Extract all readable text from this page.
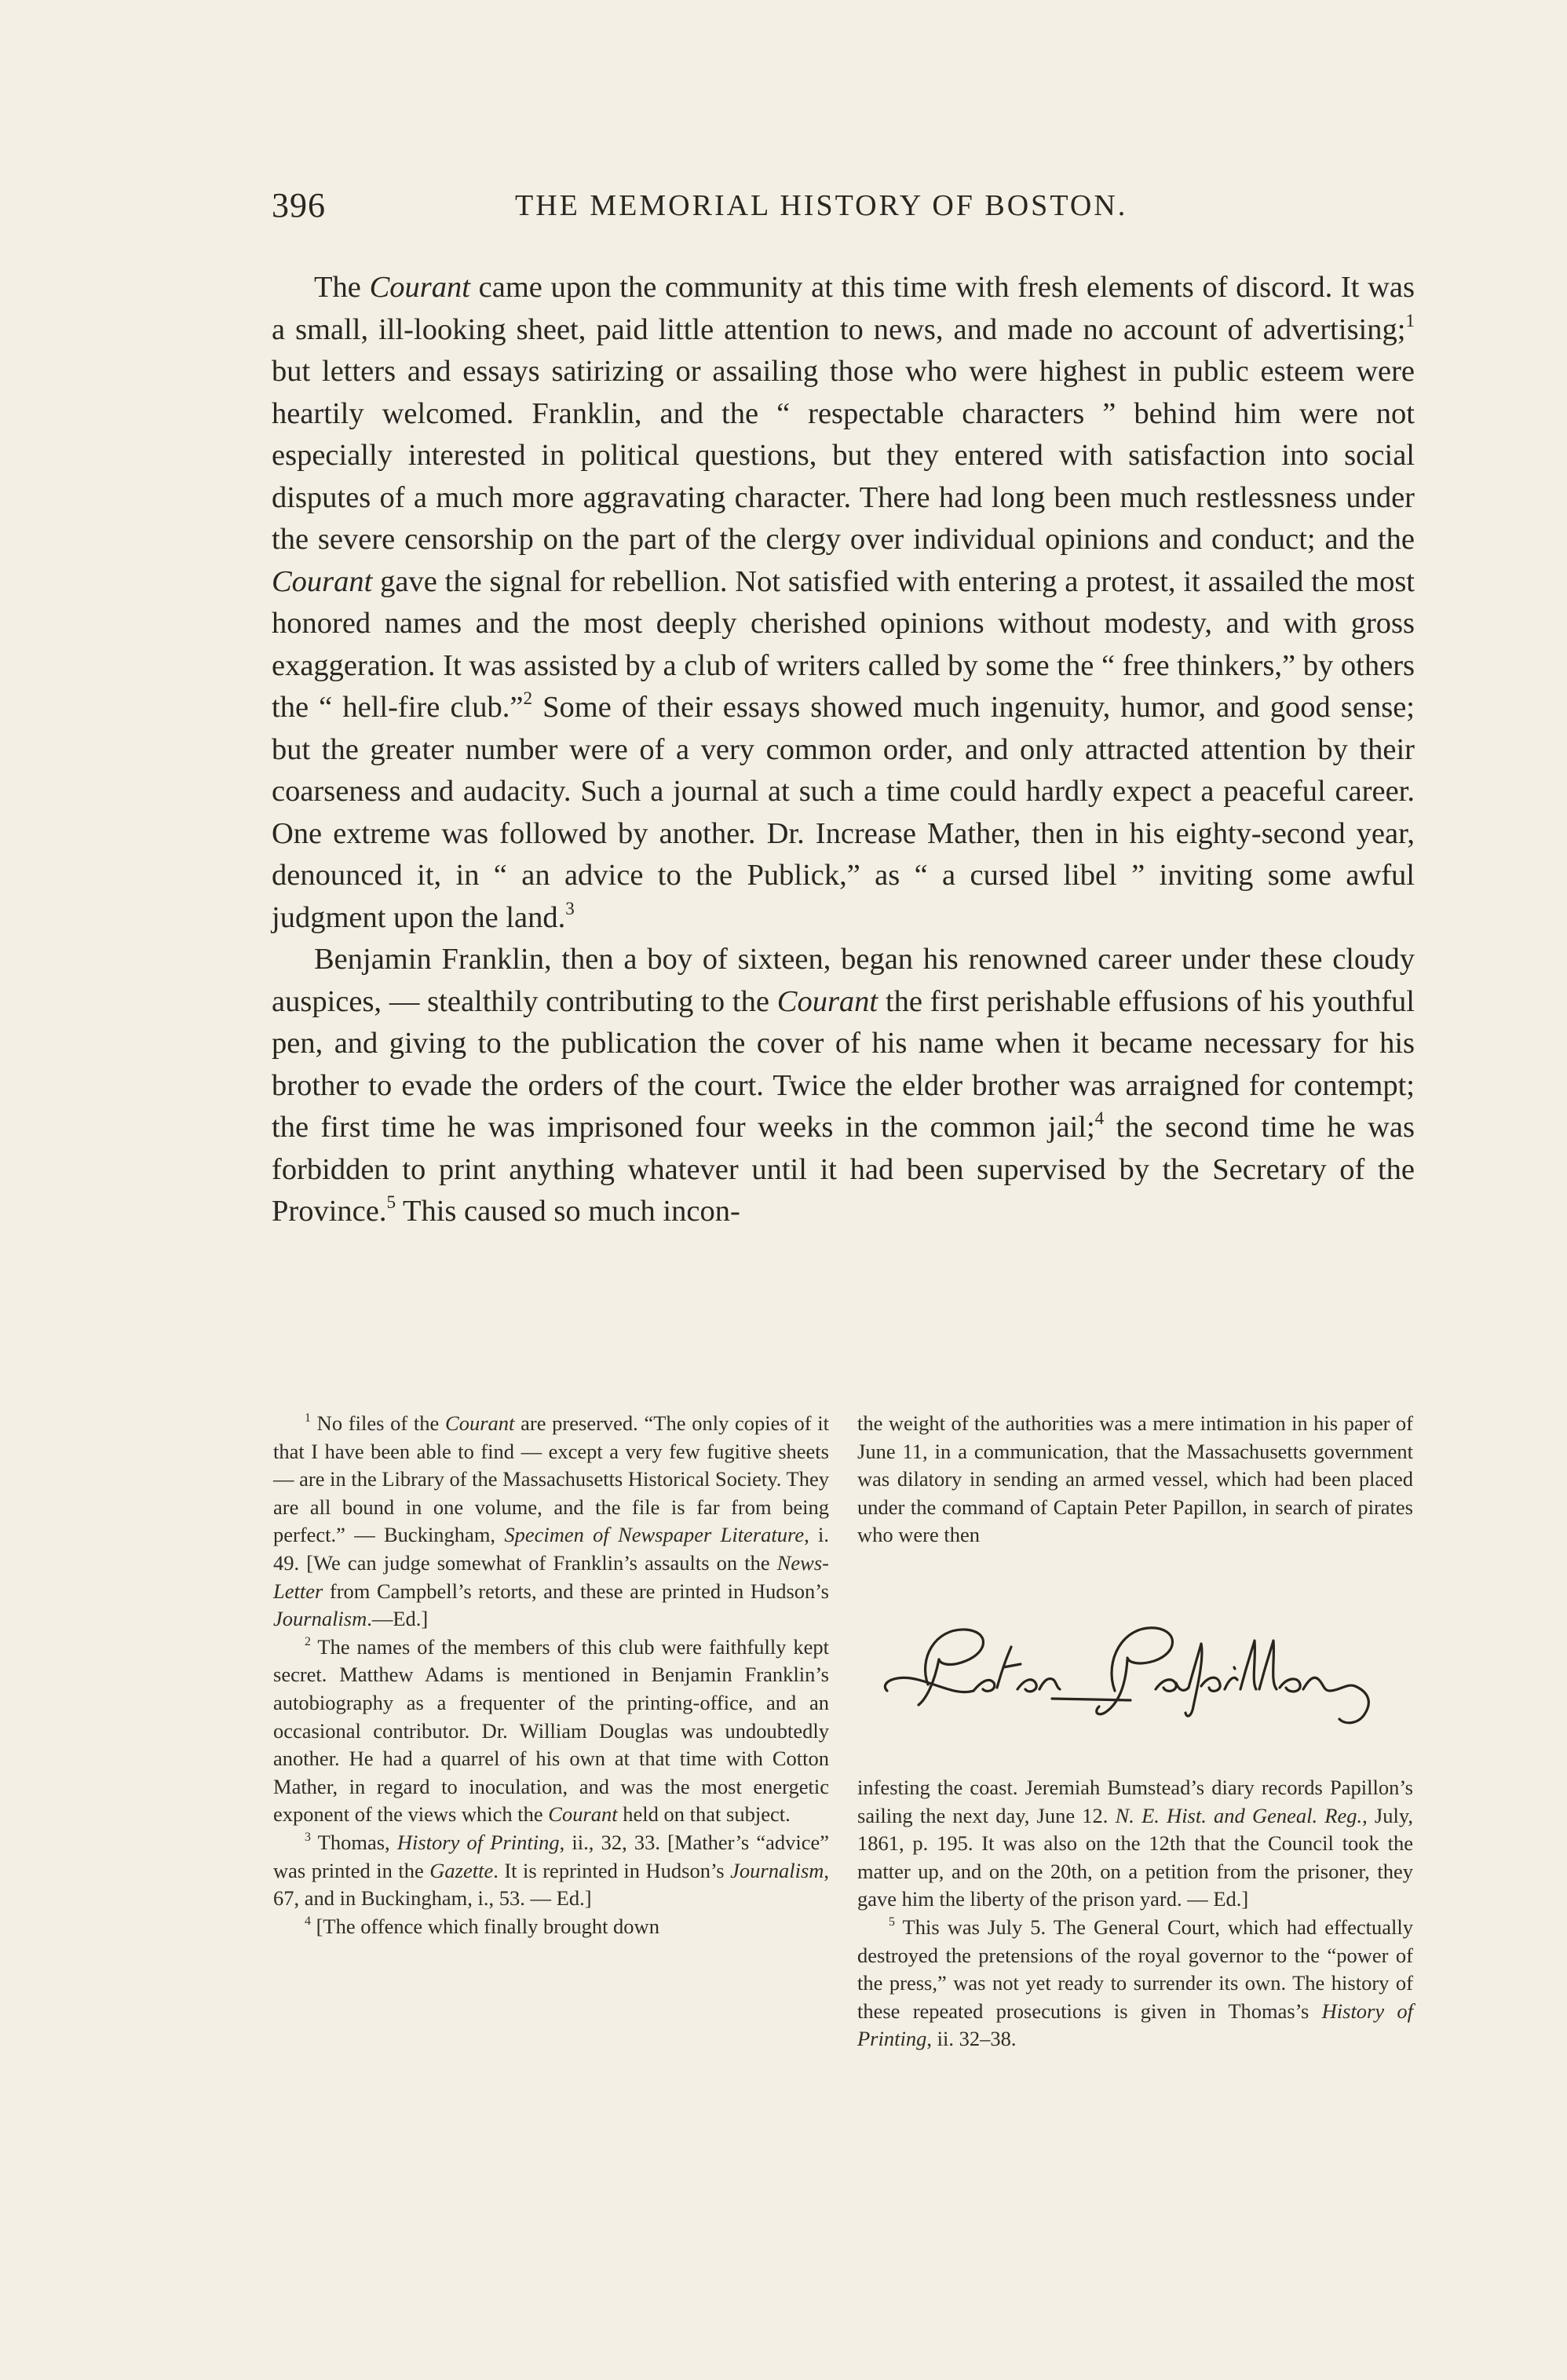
396	THE MEMORIAL HISTORY OF BOSTON.

The Courant came upon the community at this time with fresh elements of discord. It was a small, ill-looking sheet, paid little attention to news, and made no account of advertising;$^1$ but letters and essays satirizing or assailing those who were highest in public esteem were heartily welcomed. Franklin, and the “ respectable characters ” behind him were not especially interested in political questions, but they entered with satisfaction into social disputes of a much more aggravating character. There had long been much restlessness under the severe censorship on the part of the clergy over individual opinions and conduct; and the Courant gave the signal for rebellion. Not satisfied with entering a protest, it assailed the most honored names and the most deeply cherished opinions without modesty, and with gross exaggeration. It was assisted by a club of writers called by some the “ free thinkers,” by others the “ hell-fire club.”$^2$ Some of their essays showed much ingenuity, humor, and good sense; but the greater number were of a very common order, and only attracted attention by their coarseness and audacity. Such a journal at such a time could hardly expect a peaceful career. One extreme was followed by another. Dr. Increase Mather, then in his eighty-second year, denounced it, in “ an advice to the Publick,” as “ a cursed libel ” inviting some awful judgment upon the land.$^3$

Benjamin Franklin, then a boy of sixteen, began his renowned career under these cloudy auspices, — stealthily contributing to the Courant the first perishable effusions of his youthful pen, and giving to the publication the cover of his name when it became necessary for his brother to evade the orders of the court. Twice the elder brother was arraigned for contempt; the first time he was imprisoned four weeks in the common jail;$^4$ the second time he was forbidden to print anything whatever until it had been supervised by the Secretary of the Province.$^5$ This caused so much incon-

$^1$ No files of the Courant are preserved. “The only copies of it that I have been able to find — except a very few fugitive sheets — are in the Library of the Massachusetts Historical Society. They are all bound in one volume, and the file is far from being perfect.” — Buckingham, Specimen of Newspaper Literature, i. 49. [We can judge somewhat of Franklin’s assaults on the News-Letter from Campbell’s retorts, and these are printed in Hudson’s Journalism.—Ed.]

$^2$ The names of the members of this club were faithfully kept secret. Matthew Adams is mentioned in Benjamin Franklin’s autobiography as a frequenter of the printing-office, and an occasional contributor. Dr. William Douglas was undoubtedly another. He had a quarrel of his own at that time with Cotton Mather, in regard to inoculation, and was the most energetic exponent of the views which the Courant held on that subject.

$^3$ Thomas, History of Printing, ii., 32, 33. [Mather’s “advice” was printed in the Gazette. It is reprinted in Hudson’s Journalism, 67, and in Buckingham, i., 53. — Ed.]

$^4$ [The offence which finally brought down

the weight of the authorities was a mere intimation in his paper of June 11, in a communication, that the Massachusetts government was dilatory in sending an armed vessel, which had been placed under the command of Captain Peter Papillon, in search of pirates who were then

infesting the coast. Jeremiah Bumstead’s diary records Papillon’s sailing the next day, June 12. N. E. Hist. and Geneal. Reg., July, 1861, p. 195. It was also on the 12th that the Council took the matter up, and on the 20th, on a petition from the prisoner, they gave him the liberty of the prison yard. — Ed.]

$^5$ This was July 5. The General Court, which had effectually destroyed the pretensions of the royal governor to the “power of the press,” was not yet ready to surrender its own. The history of these repeated prosecutions is given in Thomas’s History of Printing, ii. 32–38.
